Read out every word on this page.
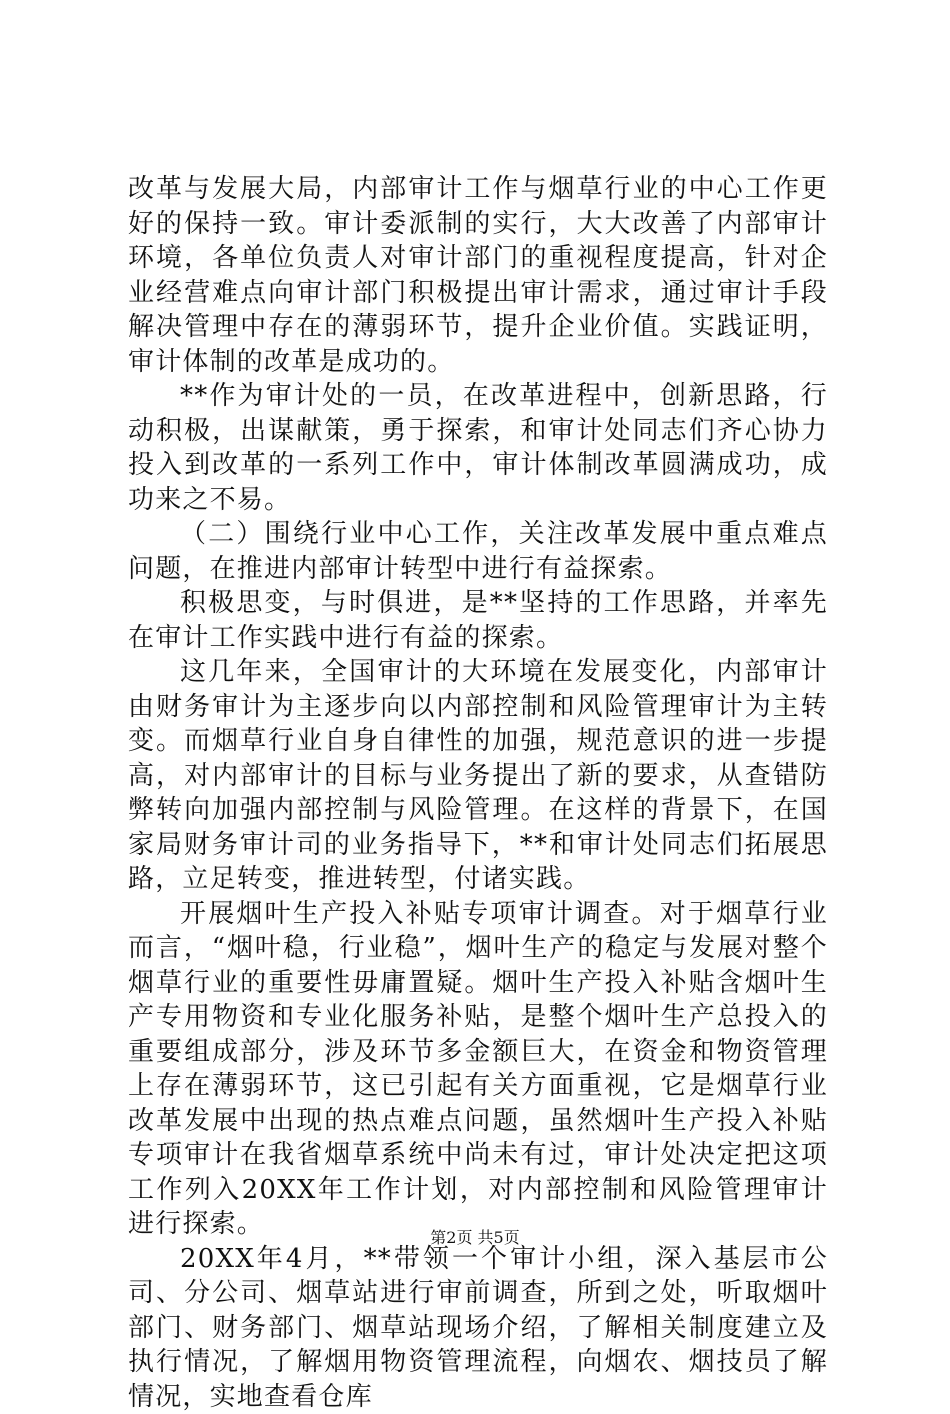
改革与发展大局，内部审计工作与烟草行业的中心工作更好的保持一致。审计委派制的实行，大大改善了内部审计环境，各单位负责人对审计部门的重视程度提高，针对企业经营难点向审计部门积极提出审计需求，通过审计手段解决管理中存在的薄弱环节，提升企业价值。实践证明，审计体制的改革是成功的。

**作为审计处的一员，在改革进程中，创新思路，行动积极，出谋献策，勇于探索，和审计处同志们齐心协力投入到改革的一系列工作中，审计体制改革圆满成功，成功来之不易。

（二）围绕行业中心工作，关注改革发展中重点难点问题，在推进内部审计转型中进行有益探索。

积极思变，与时俱进，是**坚持的工作思路，并率先在审计工作实践中进行有益的探索。

这几年来，全国审计的大环境在发展变化，内部审计由财务审计为主逐步向以内部控制和风险管理审计为主转变。而烟草行业自身自律性的加强，规范意识的进一步提高，对内部审计的目标与业务提出了新的要求，从查错防弊转向加强内部控制与风险管理。在这样的背景下，在国家局财务审计司的业务指导下，**和审计处同志们拓展思路，立足转变，推进转型，付诸实践。

开展烟叶生产投入补贴专项审计调查。对于烟草行业而言，“烟叶稳，行业稳”，烟叶生产的稳定与发展对整个烟草行业的重要性毋庸置疑。烟叶生产投入补贴含烟叶生产专用物资和专业化服务补贴，是整个烟叶生产总投入的重要组成部分，涉及环节多金额巨大，在资金和物资管理上存在薄弱环节，这已引起有关方面重视，它是烟草行业改革发展中出现的热点难点问题，虽然烟叶生产投入补贴专项审计在我省烟草系统中尚未有过，审计处决定把这项工作列入20XX年工作计划，对内部控制和风险管理审计进行探索。

20XX年4月，**带领一个审计小组，深入基层市公司、分公司、烟草站进行审前调查，所到之处，听取烟叶部门、财务部门、烟草站现场介绍，了解相关制度建立及执行情况，了解烟用物资管理流程，向烟农、烟技员了解情况，实地查看仓库

第2页 共5页
